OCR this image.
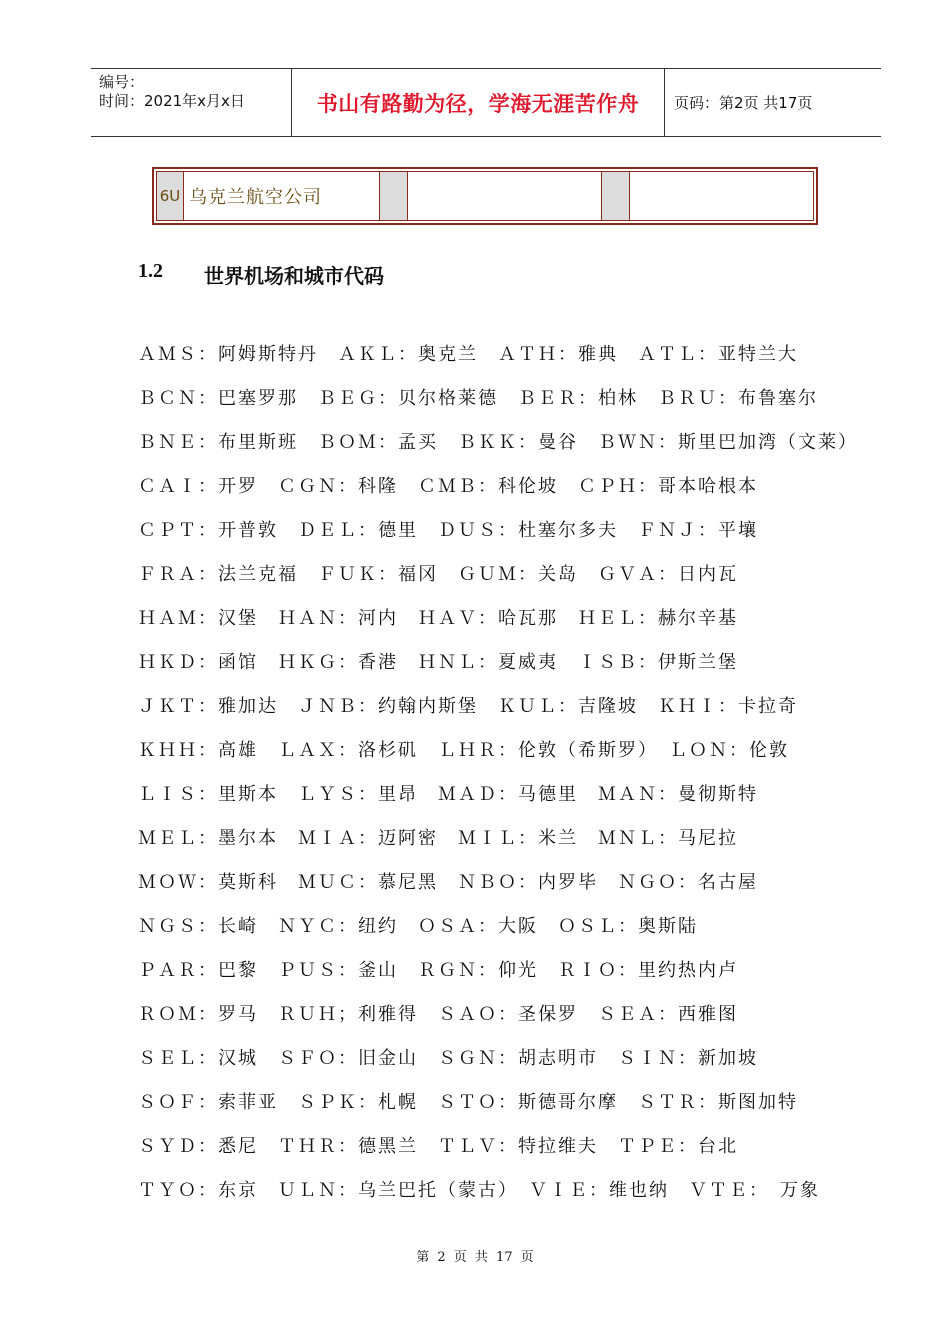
编号：
时间：2021年x月x日	书山有路勤为径，学海无涯苦作舟	页码：第2页 共17页
6U 乌克兰航空公司
1.2 世界机场和城市代码
ＡＭＳ：阿姆斯特丹　ＡＫＬ：奥克兰　ＡＴＨ：雅典　ＡＴＬ：亚特兰大
ＢＣＮ：巴塞罗那　ＢＥＧ：贝尔格莱德　ＢＥＲ：柏林　ＢＲＵ：布鲁塞尔
ＢＮＥ：布里斯班　ＢＯＭ：孟买　ＢＫＫ：曼谷　ＢＷＮ：斯里巴加湾（文莱）
ＣＡＩ：开罗　ＣＧＮ：科隆　ＣＭＢ：科伦坡　ＣＰＨ：哥本哈根本
ＣＰＴ：开普敦　ＤＥＬ：德里　ＤＵＳ：杜塞尔多夫　ＦＮＪ：平壤
ＦＲＡ：法兰克福　ＦＵＫ：福冈　ＧＵＭ：关岛　ＧＶＡ：日内瓦
ＨＡＭ：汉堡　ＨＡＮ：河内　ＨＡＶ：哈瓦那　ＨＥＬ：赫尔辛基
ＨＫＤ：函馆　ＨＫＧ：香港　ＨＮＬ：夏威夷　ＩＳＢ：伊斯兰堡
ＪＫＴ：雅加达　ＪＮＢ：约翰内斯堡　ＫＵＬ：吉隆坡　ＫＨＩ：卡拉奇
ＫＨＨ：高雄　ＬＡＸ：洛杉矶　ＬＨＲ：伦敦（希斯罗）　ＬＯＮ：伦敦
ＬＩＳ：里斯本　ＬＹＳ：里昂　ＭＡＤ：马德里　ＭＡＮ：曼彻斯特
ＭＥＬ：墨尔本　ＭＩＡ：迈阿密　ＭＩＬ：米兰　ＭＮＬ：马尼拉
ＭＯＷ：莫斯科　ＭＵＣ：慕尼黑　ＮＢＯ：内罗毕　ＮＧＯ：名古屋
ＮＧＳ：长崎　ＮＹＣ：纽约　ＯＳＡ：大阪　ＯＳＬ：奥斯陆
ＰＡＲ：巴黎　ＰＵＳ：釜山　ＲＧＮ：仰光　ＲＩＯ：里约热内卢
ＲＯＭ：罗马　ＲＵＨ；利雅得　ＳＡＯ：圣保罗　ＳＥＡ：西雅图
ＳＥＬ：汉城　ＳＦＯ：旧金山　ＳＧＮ：胡志明市　ＳＩＮ：新加坡
ＳＯＦ：索菲亚　ＳＰＫ：札幌　ＳＴＯ：斯德哥尔摩　ＳＴＲ：斯图加特
ＳＹＤ：悉尼　ＴＨＲ：德黑兰　ＴＬＶ：特拉维夫　ＴＰＥ：台北
ＴＹＯ：东京　ＵＬＮ：乌兰巴托（蒙古）　ＶＩＥ：维也纳　ＶＴＥ：　万象
第 2 页 共 17 页
